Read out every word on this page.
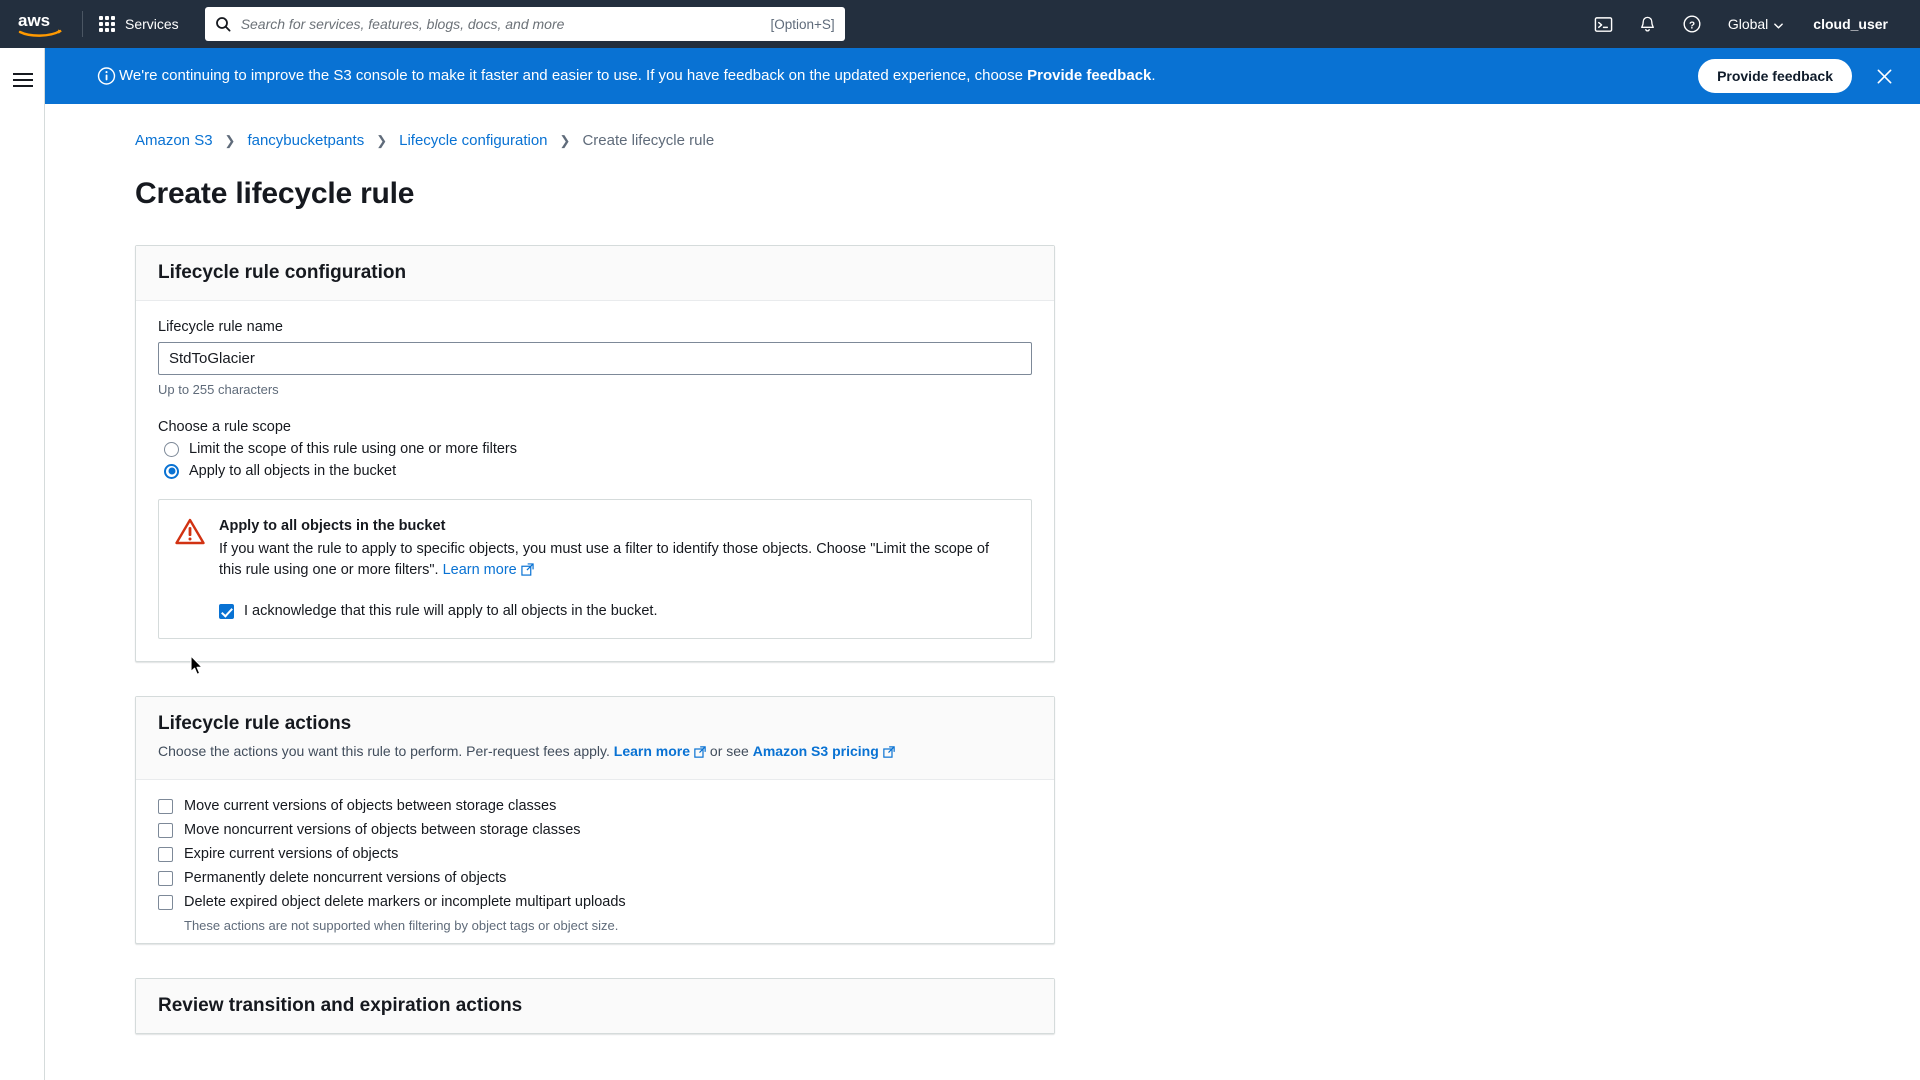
aws	Services
Search for services, features, blogs, docs, and more	[Option+S]	? Global	cloud_user
We're continuing to improve the S3 console to make it faster and easier to use. If you have feedback on the updated experience, choose Provide feedback.	Provide feedback
Amazon S3 ❯ fancybucketpants ❯ Lifecycle configuration ❯ Create lifecycle rule
Create lifecycle rule
Lifecycle rule configuration
Lifecycle rule name
StdToGlacier
Up to 255 characters
Choose a rule scope
Limit the scope of this rule using one or more filters
Apply to all objects in the bucket
Apply to all objects in the bucket
If you want the rule to apply to specific objects, you must use a filter to identify those objects. Choose "Limit the scope of this rule using one or more filters". Learn more
I acknowledge that this rule will apply to all objects in the bucket.
Lifecycle rule actions
Choose the actions you want this rule to perform. Per-request fees apply. Learn more or see Amazon S3 pricing
Move current versions of objects between storage classes
Move noncurrent versions of objects between storage classes
Expire current versions of objects
Permanently delete noncurrent versions of objects
Delete expired object delete markers or incomplete multipart uploads
These actions are not supported when filtering by object tags or object size.
Review transition and expiration actions
